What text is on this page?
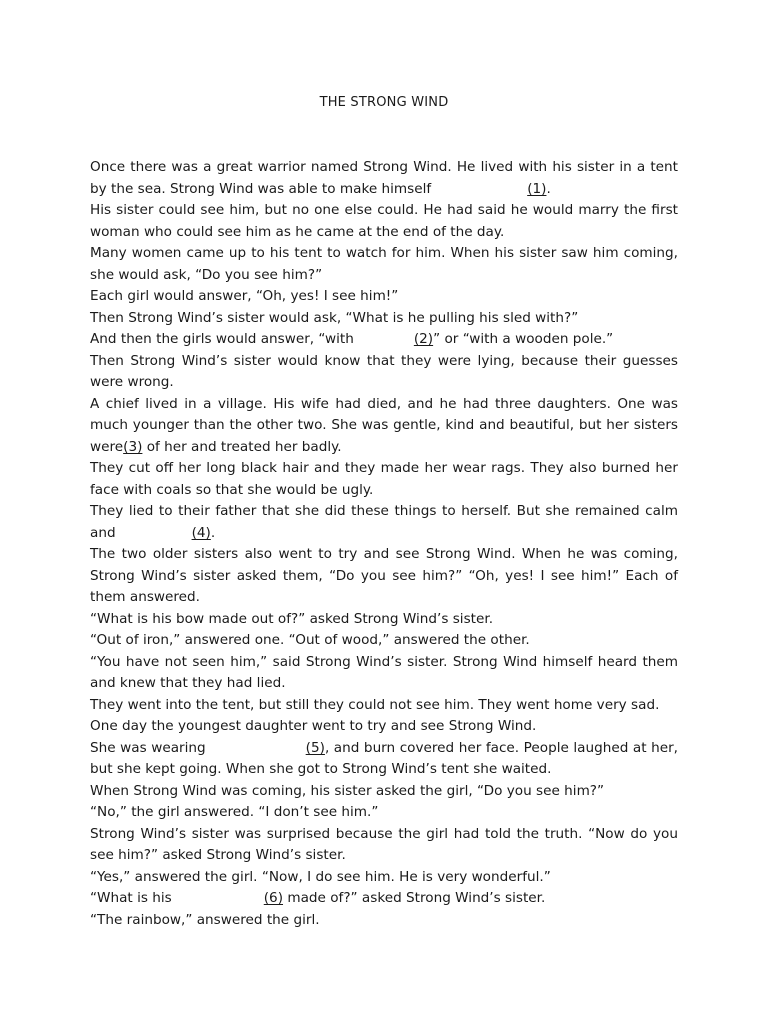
THE STRONG WIND

Once there was a great warrior named Strong Wind. He lived with his sister in a tent by the sea. Strong Wind was able to make himself	(1).

His sister could see him, but no one else could. He had said he would marry the first woman who could see him as he came at the end of the day.

Many women came up to his tent to watch for him. When his sister saw him coming, she would ask, “Do you see him?”

Each girl would answer, “Oh, yes! I see him!”

Then Strong Wind’s sister would ask, “What is he pulling his sled with?”

And then the girls would answer, “with	(2)” or “with a wooden pole.”

Then Strong Wind’s sister would know that they were lying, because their guesses were wrong.

A chief lived in a village. His wife had died, and he had three daughters. One was much younger than the other two. She was gentle, kind and beautiful, but her sisters were(3) of her and treated her badly.

They cut off her long black hair and they made her wear rags. They also burned her face with coals so that she would be ugly.

They lied to their father that she did these things to herself. But she remained calm and	(4).

The two older sisters also went to try and see Strong Wind. When he was coming, Strong Wind’s sister asked them, “Do you see him?” “Oh, yes! I see him!” Each of them answered.

“What is his bow made out of?” asked Strong Wind’s sister.

“Out of iron,” answered one. “Out of wood,” answered the other.

“You have not seen him,” said Strong Wind’s sister. Strong Wind himself heard them and knew that they had lied.

They went into the tent, but still they could not see him. They went home very sad.

One day the youngest daughter went to try and see Strong Wind.

She was wearing	(5), and burn covered her face. People laughed at her, but she kept going. When she got to Strong Wind’s tent she waited.

When Strong Wind was coming, his sister asked the girl, “Do you see him?”

“No,” the girl answered. “I don’t see him.”

Strong Wind’s sister was surprised because the girl had told the truth. “Now do you see him?” asked Strong Wind’s sister.

“Yes,” answered the girl. “Now, I do see him. He is very wonderful.”

“What is his	(6) made of?” asked Strong Wind’s sister.

“The rainbow,” answered the girl.
